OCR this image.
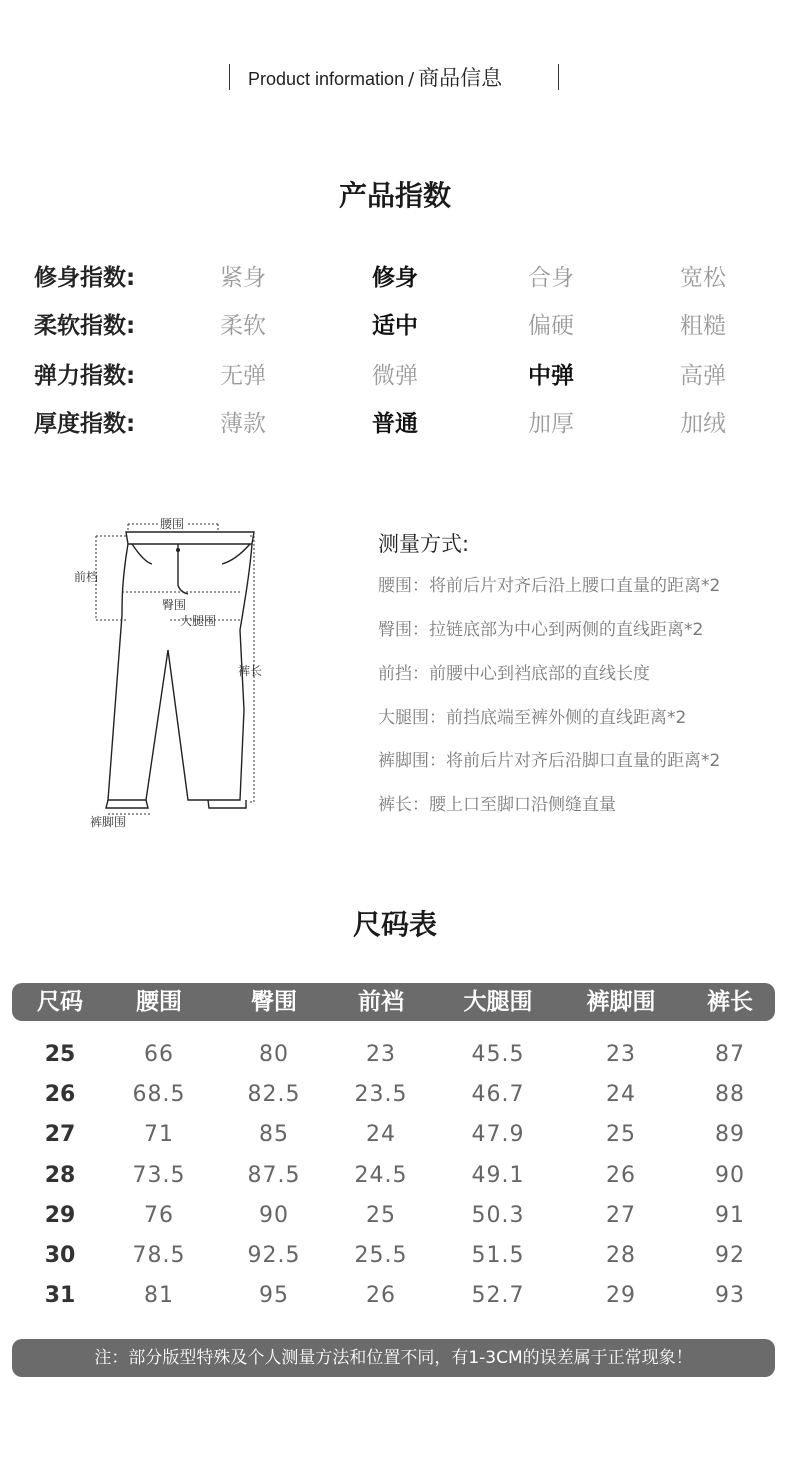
Product information / 商品信息
产品指数
修身指数:	紧身	修身	合身	宽松
柔软指数:	柔软	适中	偏硬	粗糙
弹力指数:	无弹	微弹	中弹	高弹
厚度指数:	薄款	普通	加厚	加绒
腰围
前档
臀围
大腿围
裤长
裤脚围
测量方式:
腰围：将前后片对齐后沿上腰口直量的距离*2
臀围：拉链底部为中心到两侧的直线距离*2
前挡：前腰中心到裆底部的直线长度
大腿围：前挡底端至裤外侧的直线距离*2
裤脚围：将前后片对齐后沿脚口直量的距离*2
裤长：腰上口至脚口沿侧缝直量
尺码表
尺码	腰围	臀围	前裆	大腿围	裤脚围	裤长
25	66	80	23	45.5	23	87
26	68.5	82.5	23.5	46.7	24	88
27	71	85	24	47.9	25	89
28	73.5	87.5	24.5	49.1	26	90
29	76	90	25	50.3	27	91
30	78.5	92.5	25.5	51.5	28	92
31	81	95	26	52.7	29	93
注：部分版型特殊及个人测量方法和位置不同，有1-3CM的误差属于正常现象！
